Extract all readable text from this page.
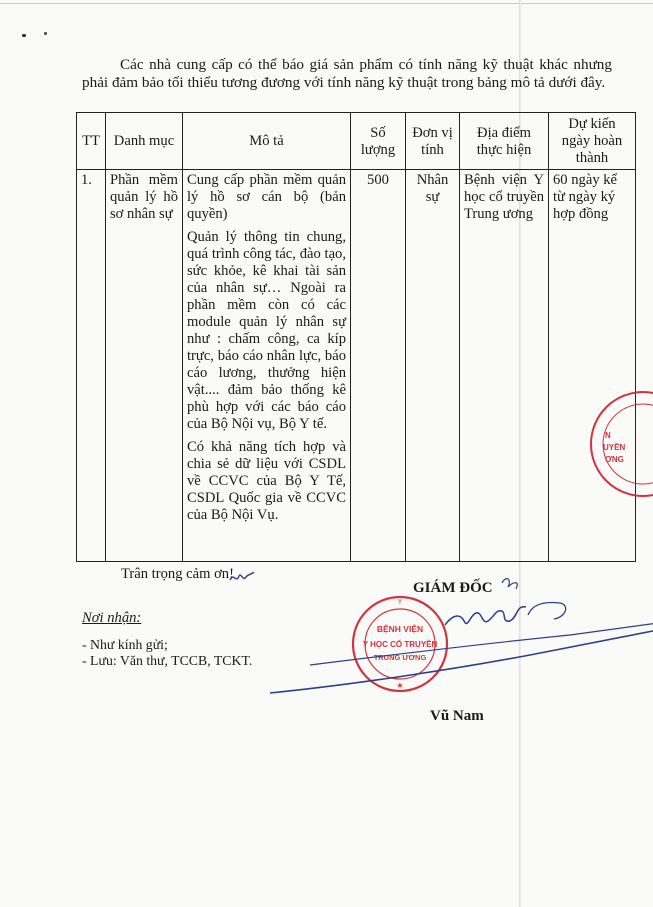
Các nhà cung cấp có thể báo giá sản phẩm có tính năng kỹ thuật khác nhưng phải đảm bảo tối thiểu tương đương với tính năng kỹ thuật trong bảng mô tả dưới đây.

TT	Danh mục	Mô tả	Số lượng	Đơn vị tính	Địa điểm thực hiện	Dự kiến ngày hoàn thành
1.	Phần mềm quản lý hồ sơ nhân sự	Cung cấp phần mềm quản lý hồ sơ cán bộ (bản quyền)

Quản lý thông tin chung, quá trình công tác, đào tạo, sức khỏe, kê khai tài sản của nhân sự… Ngoài ra phần mềm còn có các module quản lý nhân sự như : chấm công, ca kíp trực, báo cáo nhân lực, báo cáo lương, thưởng hiện vật.... đảm bảo thống kê phù hợp với các báo cáo của Bộ Nội vụ, Bộ Y tế.

Có khả năng tích hợp và chia sẻ dữ liệu với CSDL về CCVC của Bộ Y Tế, CSDL Quốc gia về CCVC của Bộ Nội Vụ.	500	Nhân sự	Bệnh viện Y học cổ truyền Trung ương	60 ngày kể từ ngày ký hợp đồng
Trân trọng cảm ơn!
GIÁM ĐỐC
Nơi nhận:
- Như kính gửi;
- Lưu: Văn thư, TCCB, TCKT.
Y
BỆNH VIỆN
Y HỌC CỔ TRUYỀN
TRUNG ƯƠNG
★
N
UYỀN
ƠNG
Vũ Nam
